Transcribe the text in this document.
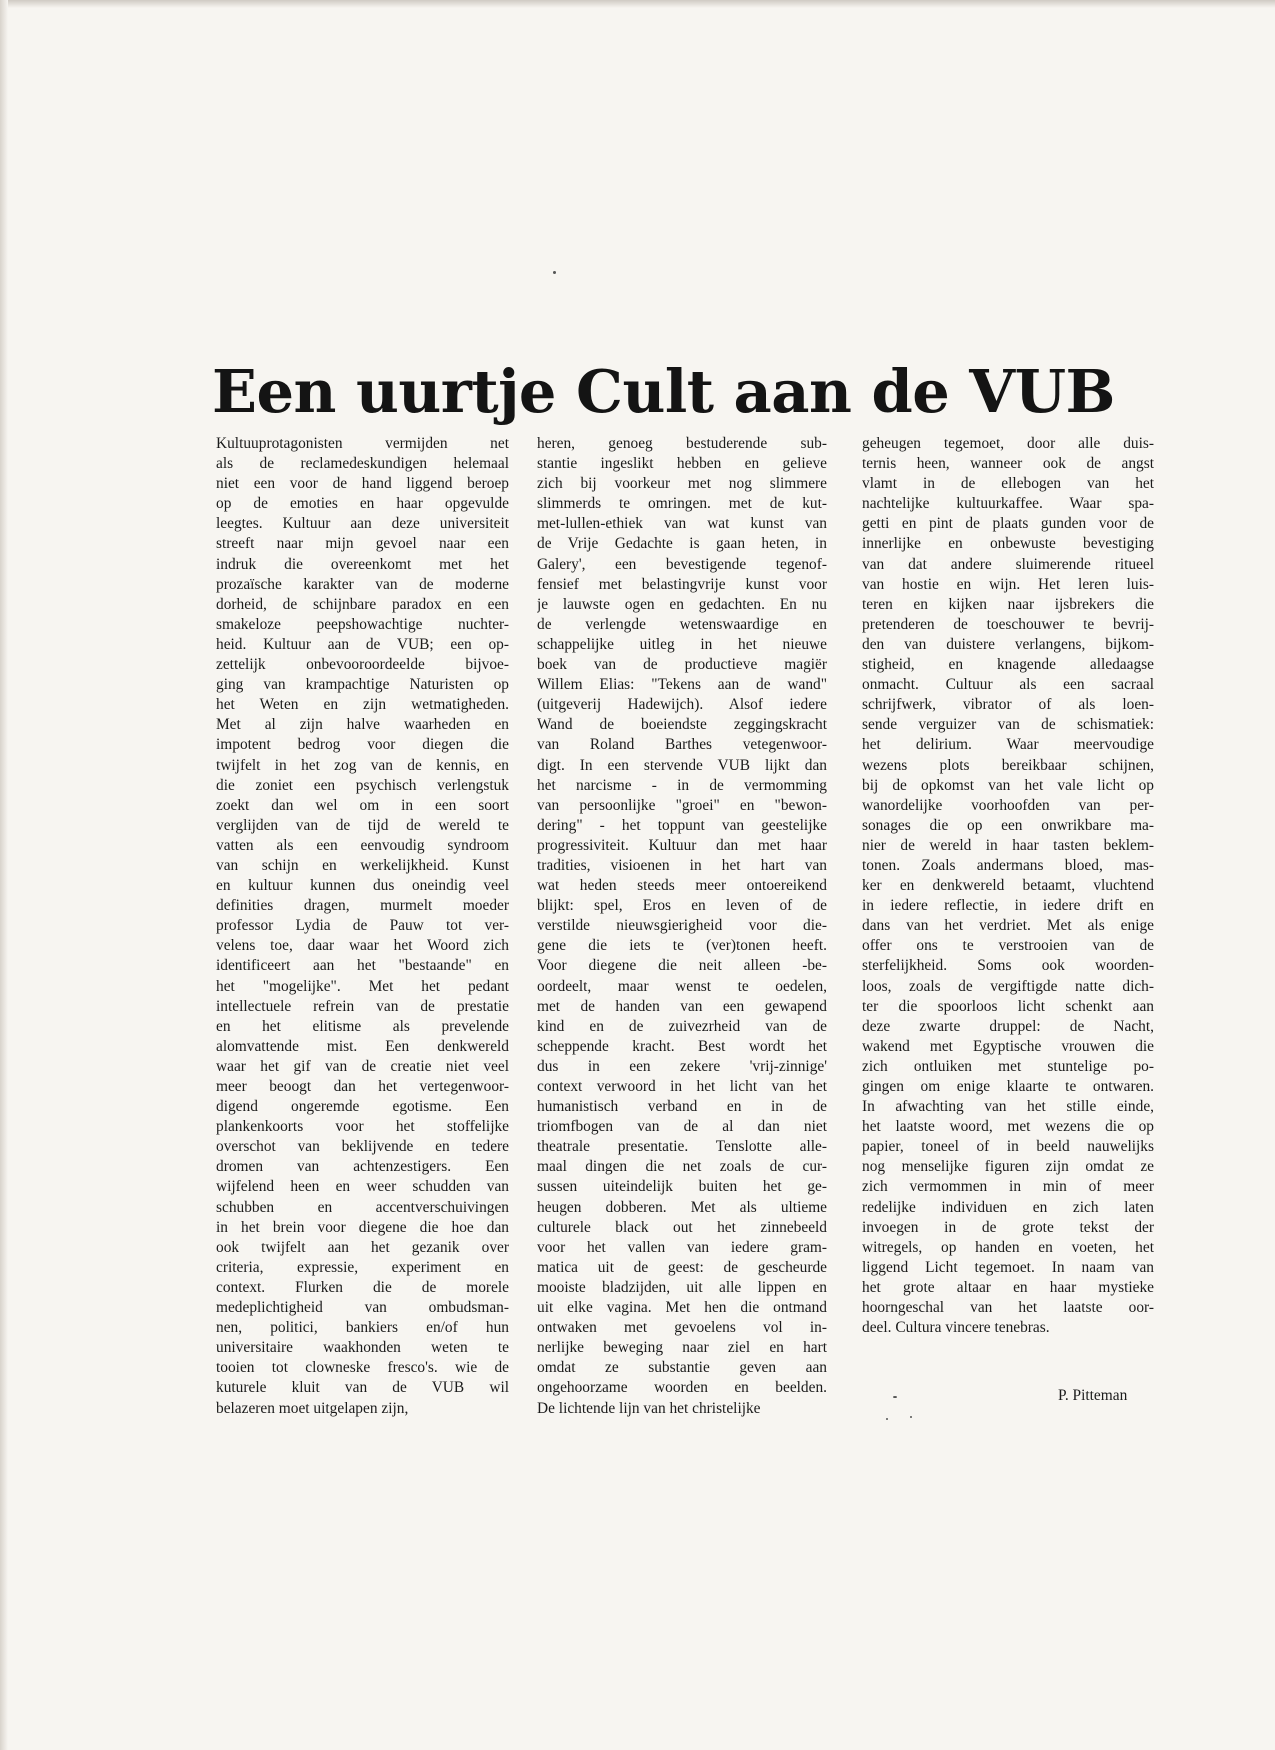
Een uurtje Cult aan de VUB
Kultuuprotagonisten vermijden net
als de reclamedeskundigen helemaal
niet een voor de hand liggend beroep
op de emoties en haar opgevulde
leegtes. Kultuur aan deze universiteit
streeft naar mijn gevoel naar een
indruk die overeenkomt met het
prozaïsche karakter van de moderne
dorheid, de schijnbare paradox en een
smakeloze peepshowachtige nuchter-
heid. Kultuur aan de VUB; een op-
zettelijk onbevooroordeelde bijvoe-
ging van krampachtige Naturisten op
het Weten en zijn wetmatigheden.
Met al zijn halve waarheden en
impotent bedrog voor diegen die
twijfelt in het zog van de kennis, en
die zoniet een psychisch verlengstuk
zoekt dan wel om in een soort
verglijden van de tijd de wereld te
vatten als een eenvoudig syndroom
van schijn en werkelijkheid. Kunst
en kultuur kunnen dus oneindig veel
definities dragen, murmelt moeder
professor Lydia de Pauw tot ver-
velens toe, daar waar het Woord zich
identificeert aan het "bestaande" en
het "mogelijke". Met het pedant
intellectuele refrein van de prestatie
en het elitisme als prevelende
alomvattende mist. Een denkwereld
waar het gif van de creatie niet veel
meer beoogt dan het vertegenwoor-
digend ongeremde egotisme. Een
plankenkoorts voor het stoffelijke
overschot van beklijvende en tedere
dromen van achtenzestigers. Een
wijfelend heen en weer schudden van
schubben en accentverschuivingen
in het brein voor diegene die hoe dan
ook twijfelt aan het gezanik over
criteria, expressie, experiment en
context. Flurken die de morele
medeplichtigheid van ombudsman-
nen, politici, bankiers en/of hun
universitaire waakhonden weten te
tooien tot clowneske fresco's. wie de
kuturele kluit van de VUB wil
belazeren moet uitgelapen zijn,
heren, genoeg bestuderende sub-
stantie ingeslikt hebben en gelieve
zich bij voorkeur met nog slimmere
slimmerds te omringen. met de kut-
met-lullen-ethiek van wat kunst van
de Vrije Gedachte is gaan heten, in
Galery', een bevestigende tegenof-
fensief met belastingvrije kunst voor
je lauwste ogen en gedachten. En nu
de verlengde wetenswaardige en
schappelijke uitleg in het nieuwe
boek van de productieve magiër
Willem Elias: "Tekens aan de wand"
(uitgeverij Hadewijch). Alsof iedere
Wand de boeiendste zeggingskracht
van Roland Barthes vetegenwoor-
digt. In een stervende VUB lijkt dan
het narcisme - in de vermomming
van persoonlijke "groei" en "bewon-
dering" - het toppunt van geestelijke
progressiviteit. Kultuur dan met haar
tradities, visioenen in het hart van
wat heden steeds meer ontoereikend
blijkt: spel, Eros en leven of de
verstilde nieuwsgierigheid voor die-
gene die iets te (ver)tonen heeft.
Voor diegene die neit alleen -be-
oordeelt, maar wenst te oedelen,
met de handen van een gewapend
kind en de zuivezrheid van de
scheppende kracht. Best wordt het
dus in een zekere 'vrij-zinnige'
context verwoord in het licht van het
humanistisch verband en in de
triomfbogen van de al dan niet
theatrale presentatie. Tenslotte alle-
maal dingen die net zoals de cur-
sussen uiteindelijk buiten het ge-
heugen dobberen. Met als ultieme
culturele black out het zinnebeeld
voor het vallen van iedere gram-
matica uit de geest: de gescheurde
mooiste bladzijden, uit alle lippen en
uit elke vagina. Met hen die ontmand
ontwaken met gevoelens vol in-
nerlijke beweging naar ziel en hart
omdat ze substantie geven aan
ongehoorzame woorden en beelden.
De lichtende lijn van het christelijke
geheugen tegemoet, door alle duis-
ternis heen, wanneer ook de angst
vlamt in de ellebogen van het
nachtelijke kultuurkaffee. Waar spa-
getti en pint de plaats gunden voor de
innerlijke en onbewuste bevestiging
van dat andere sluimerende ritueel
van hostie en wijn. Het leren luis-
teren en kijken naar ijsbrekers die
pretenderen de toeschouwer te bevrij-
den van duistere verlangens, bijkom-
stigheid, en knagende alledaagse
onmacht. Cultuur als een sacraal
schrijfwerk, vibrator of als loen-
sende verguizer van de schismatiek:
het delirium. Waar meervoudige
wezens plots bereikbaar schijnen,
bij de opkomst van het vale licht op
wanordelijke voorhoofden van per-
sonages die op een onwrikbare ma-
nier de wereld in haar tasten beklem-
tonen. Zoals andermans bloed, mas-
ker en denkwereld betaamt, vluchtend
in iedere reflectie, in iedere drift en
dans van het verdriet. Met als enige
offer ons te verstrooien van de
sterfelijkheid. Soms ook woorden-
loos, zoals de vergiftigde natte dich-
ter die spoorloos licht schenkt aan
deze zwarte druppel: de Nacht,
wakend met Egyptische vrouwen die
zich ontluiken met stuntelige po-
gingen om enige klaarte te ontwaren.
In afwachting van het stille einde,
het laatste woord, met wezens die op
papier, toneel of in beeld nauwelijks
nog menselijke figuren zijn omdat ze
zich vermommen in min of meer
redelijke individuen en zich laten
invoegen in de grote tekst der
witregels, op handen en voeten, het
liggend Licht tegemoet. In naam van
het grote altaar en haar mystieke
hoorngeschal van het laatste oor-
deel. Cultura vincere tenebras.
P. Pitteman
